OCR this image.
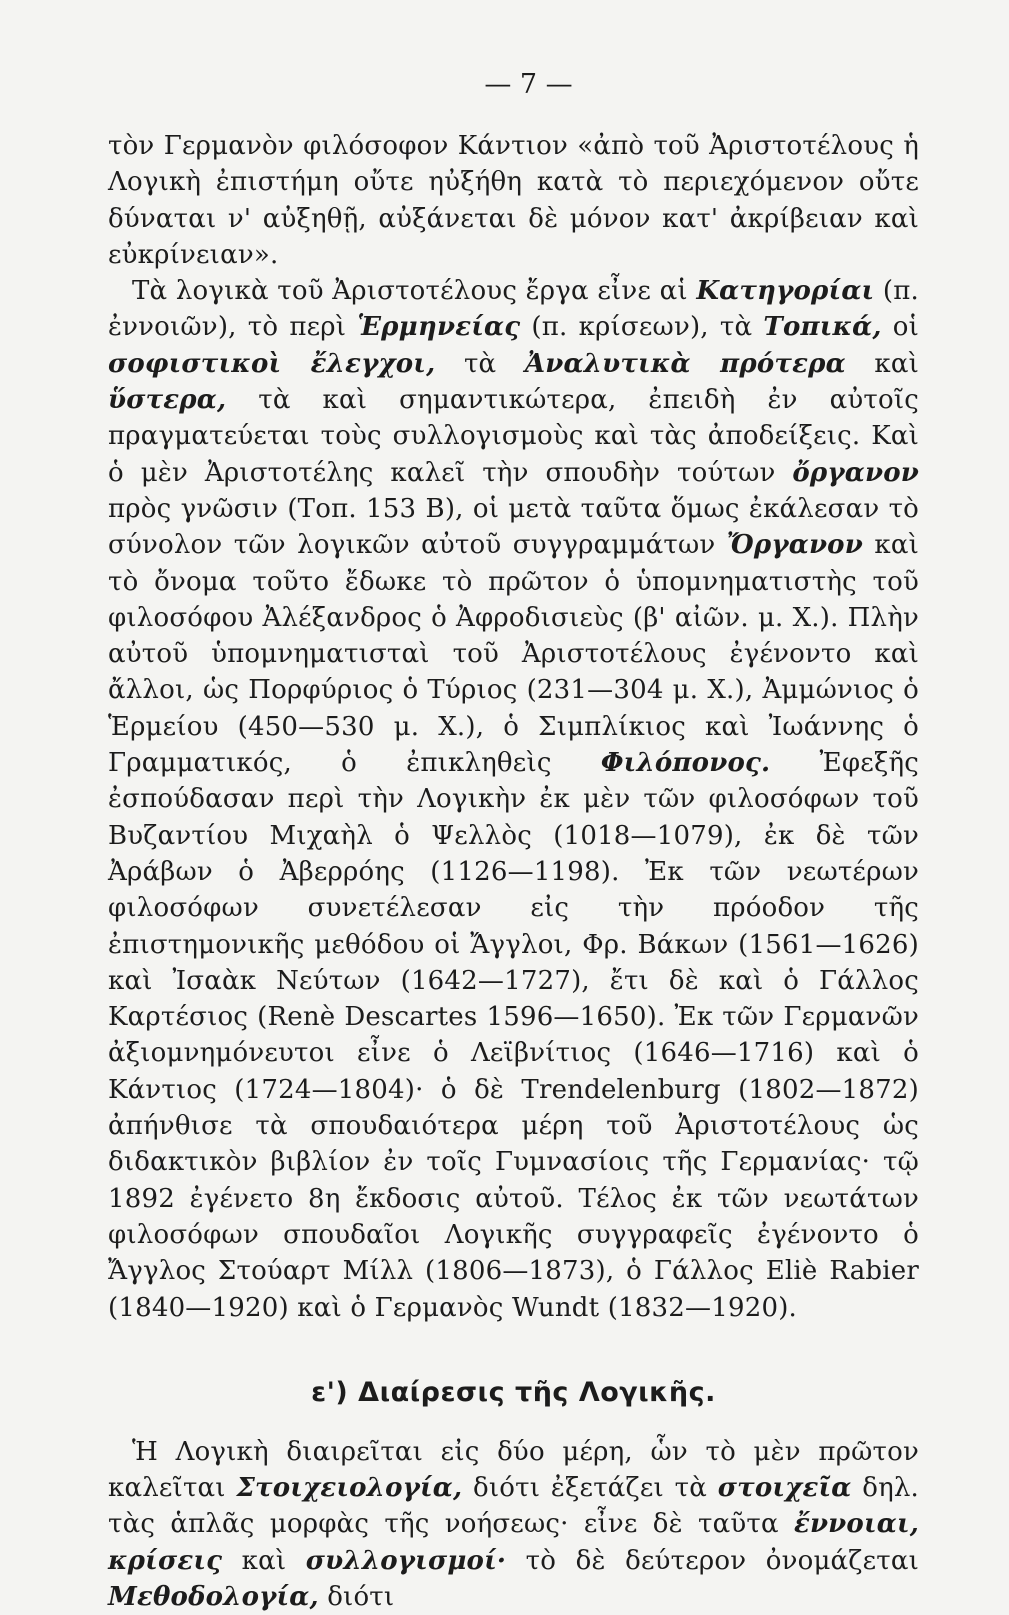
— 7 —

τὸν Γερμανὸν φιλόσοφον Κάντιον «ἀπὸ τοῦ Ἀριστοτέλους ἡ Λογικὴ ἐπιστήμη οὔτε ηὐξήθη κατὰ τὸ περιεχόμενον οὔτε δύναται ν' αὐξηθῇ, αὐξάνεται δὲ μόνον κατ' ἀκρίβειαν καὶ εὐκρίνειαν».

Τὰ λογικὰ τοῦ Ἀριστοτέλους ἔργα εἶνε αἱ Κατηγορίαι (π. ἐννοιῶν), τὸ περὶ Ἑρμηνείας (π. κρίσεων), τὰ Τοπικά, οἱ σοφιστικοὶ ἔλεγχοι, τὰ Ἀναλυτικὰ πρότερα καὶ ὕστερα, τὰ καὶ σημαντικώτερα, ἐπειδὴ ἐν αὐτοῖς πραγματεύεται τοὺς συλλογισμοὺς καὶ τὰς ἀποδείξεις. Καὶ ὁ μὲν Ἀριστοτέλης καλεῖ τὴν σπουδὴν τούτων ὄργανον πρὸς γνῶσιν (Τοπ. 153 Β), οἱ μετὰ ταῦτα ὅμως ἐκάλεσαν τὸ σύνολον τῶν λογικῶν αὐτοῦ συγγραμμάτων Ὄργανον καὶ τὸ ὄνομα τοῦτο ἔδωκε τὸ πρῶτον ὁ ὑπομνηματιστὴς τοῦ φιλοσόφου Ἀλέξανδρος ὁ Ἀφροδισιεὺς (β' αἰῶν. μ. Χ.). Πλὴν αὐτοῦ ὑπομνηματισταὶ τοῦ Ἀριστοτέλους ἐγένοντο καὶ ἄλλοι, ὡς Πορφύριος ὁ Τύριος (231—304 μ. Χ.), Ἀμμώνιος ὁ Ἑρμείου (450—530 μ. Χ.), ὁ Σιμπλίκιος καὶ Ἰωάννης ὁ Γραμματικός, ὁ ἐπικληθεὶς Φιλόπονος. Ἐφεξῆς ἐσπούδασαν περὶ τὴν Λογικὴν ἐκ μὲν τῶν φιλοσόφων τοῦ Βυζαντίου Μιχαὴλ ὁ Ψελλὸς (1018—1079), ἐκ δὲ τῶν Ἀράβων ὁ Ἀβερρόης (1126—1198). Ἐκ τῶν νεωτέρων φιλοσόφων συνετέλεσαν εἰς τὴν πρόοδον τῆς ἐπιστημονικῆς μεθόδου οἱ Ἄγγλοι, Φρ. Βάκων (1561—1626) καὶ Ἰσαὰκ Νεύτων (1642—1727), ἔτι δὲ καὶ ὁ Γάλλος Καρτέσιος (Renè Descartes 1596—1650). Ἐκ τῶν Γερμανῶν ἀξιομνημόνευτοι εἶνε ὁ Λεϊβνίτιος (1646—1716) καὶ ὁ Κάντιος (1724—1804)· ὁ δὲ Trendelenburg (1802—1872) ἀπήνθισε τὰ σπουδαιότερα μέρη τοῦ Ἀριστοτέλους ὡς διδακτικὸν βιβλίον ἐν τοῖς Γυμνασίοις τῆς Γερμανίας· τῷ 1892 ἐγένετο 8η ἔκδοσις αὐτοῦ. Τέλος ἐκ τῶν νεωτάτων φιλοσόφων σπουδαῖοι Λογικῆς συγγραφεῖς ἐγένοντο ὁ Ἄγγλος Στούαρτ Μίλλ (1806—1873), ὁ Γάλλος Eliè Rabier (1840—1920) καὶ ὁ Γερμανὸς Wundt (1832—1920).

ε') Διαίρεσις τῆς Λογικῆς.

Ἡ Λογικὴ διαιρεῖται εἰς δύο μέρη, ὧν τὸ μὲν πρῶτον καλεῖται Στοιχειολογία, διότι ἐξετάζει τὰ στοιχεῖα δηλ. τὰς ἁπλᾶς μορφὰς τῆς νοήσεως· εἶνε δὲ ταῦτα ἔννοιαι, κρίσεις καὶ συλλογισμοί· τὸ δὲ δεύτερον ὀνομάζεται Μεθοδολογία, διότι
